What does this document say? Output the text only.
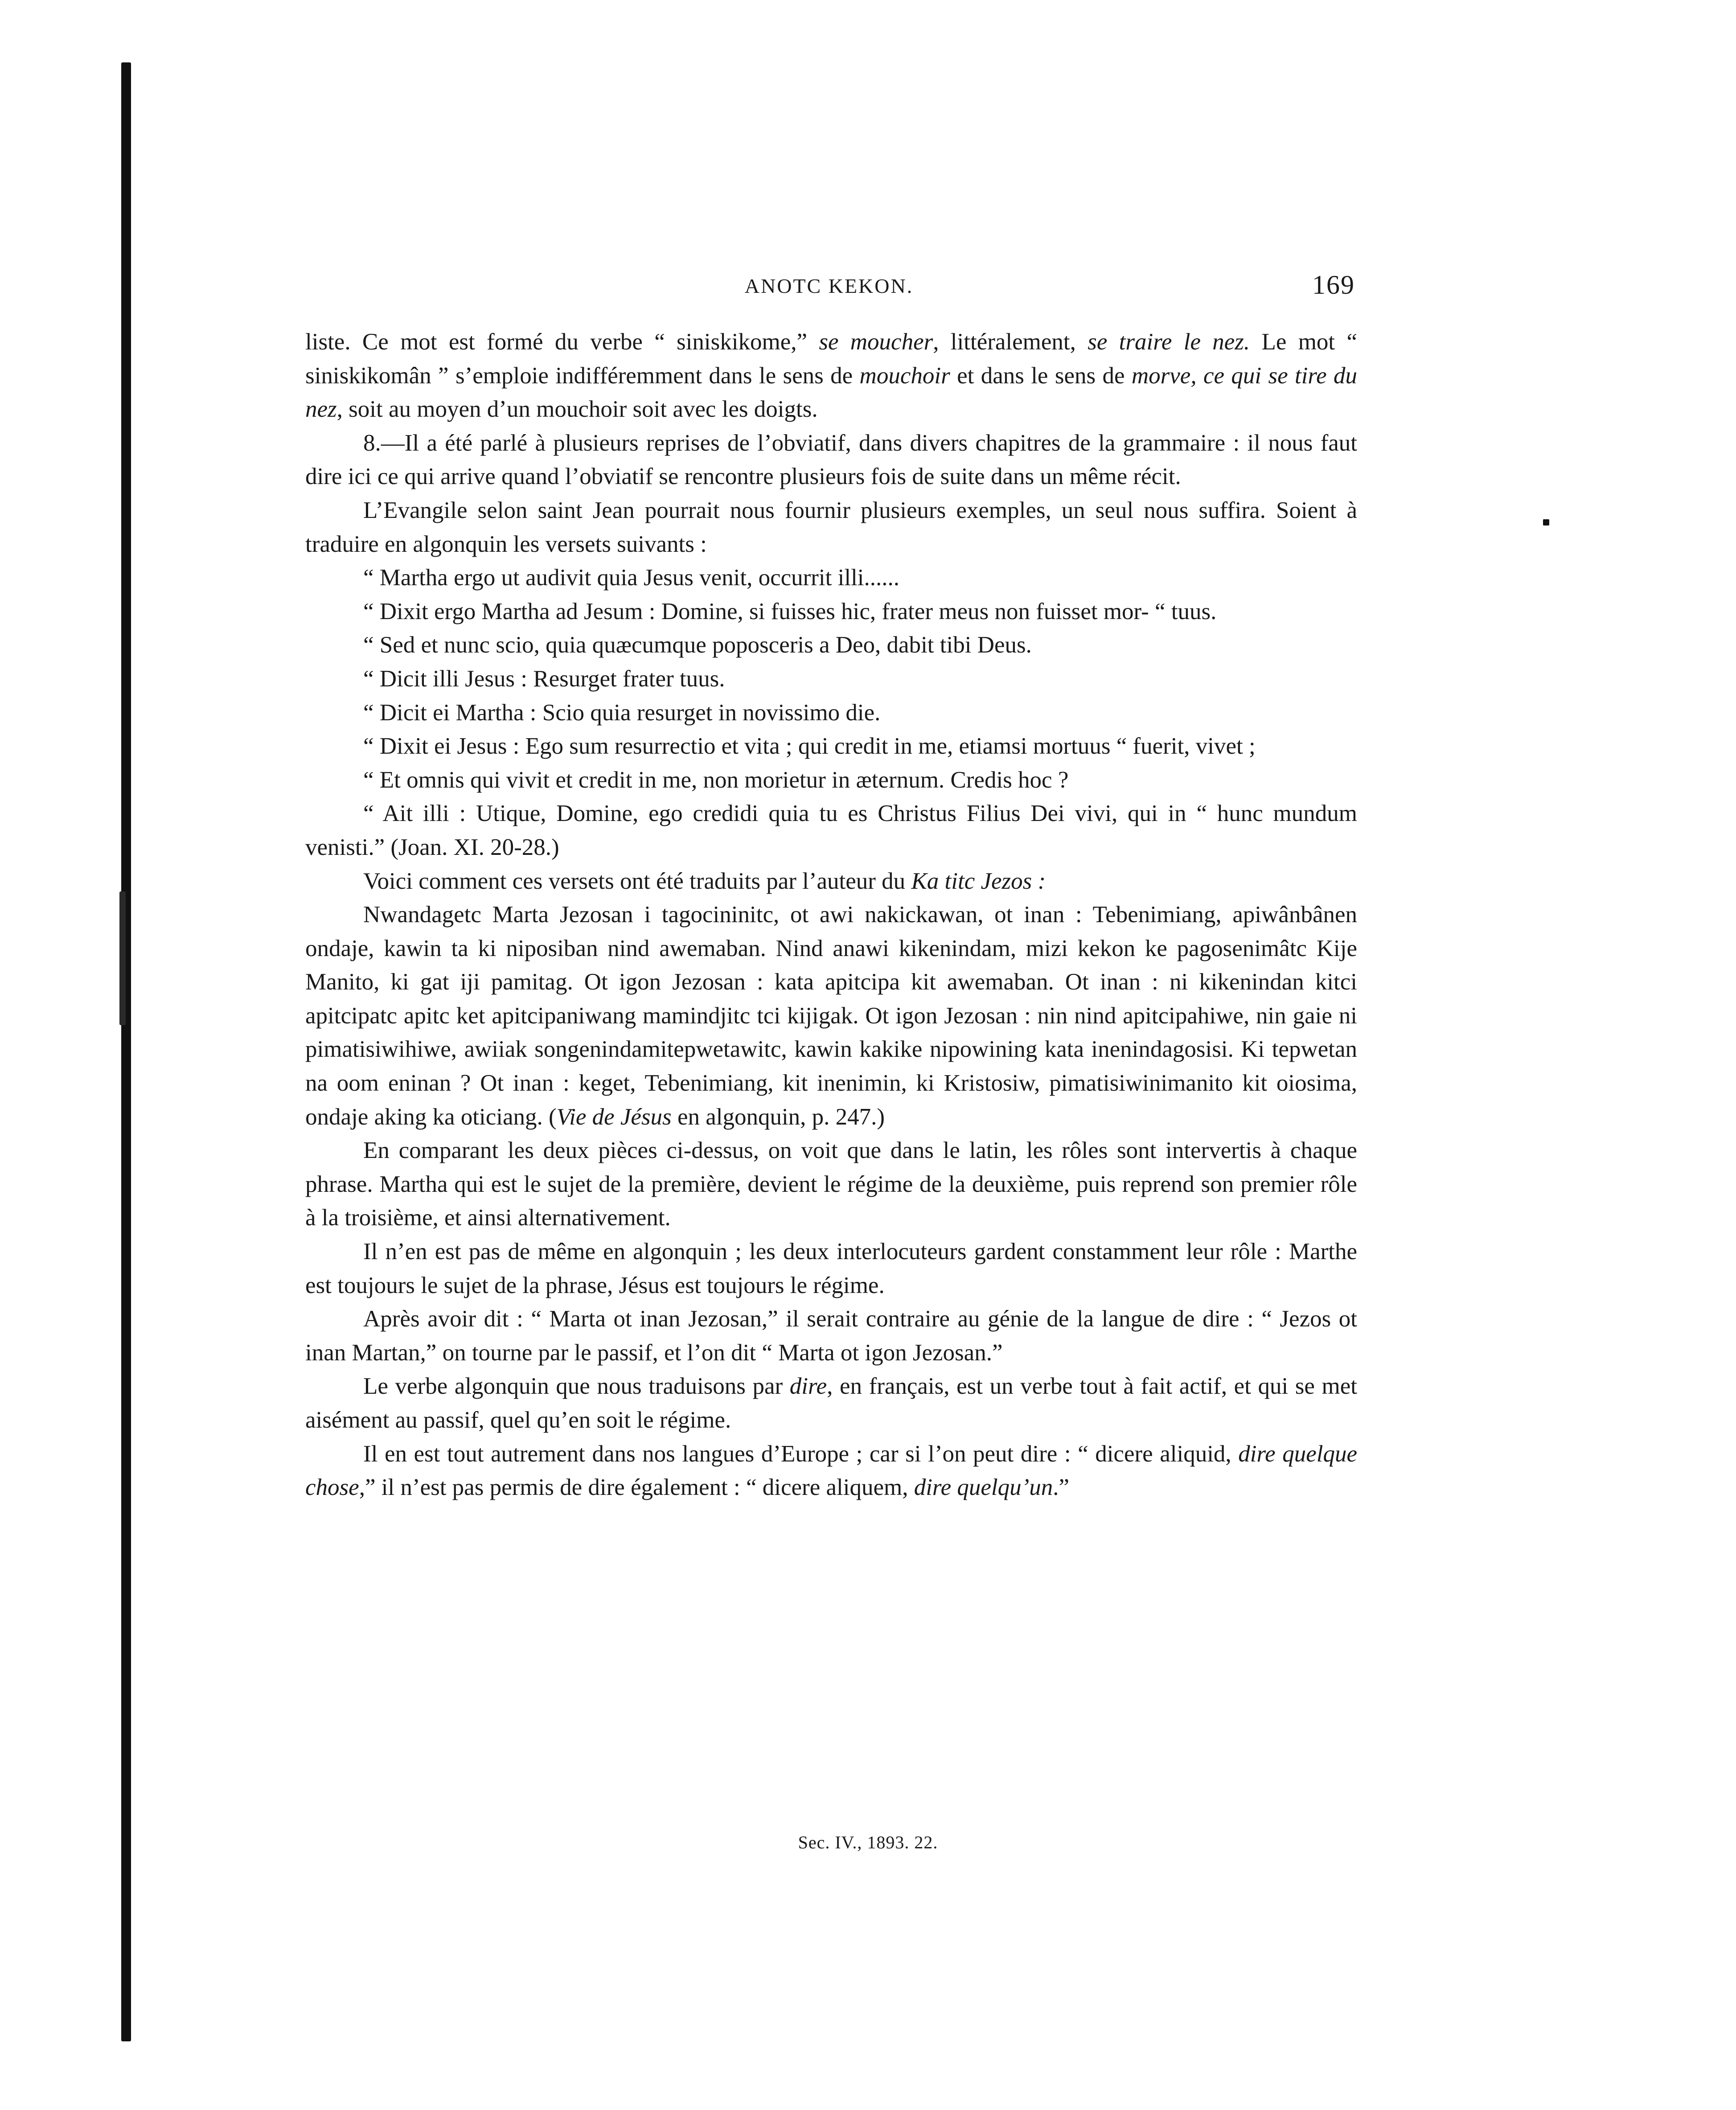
ANOTC KEKON.	169

liste. Ce mot est formé du verbe “ siniskikome,” se moucher, littéralement, se traire le nez. Le mot “ siniskikomân ” s’emploie indifféremment dans le sens de mouchoir et dans le sens de morve, ce qui se tire du nez, soit au moyen d’un mouchoir soit avec les doigts.

8.—Il a été parlé à plusieurs reprises de l’obviatif, dans divers chapitres de la grammaire : il nous faut dire ici ce qui arrive quand l’obviatif se rencontre plusieurs fois de suite dans un même récit.

L’Evangile selon saint Jean pourrait nous fournir plusieurs exemples, un seul nous suffira. Soient à traduire en algonquin les versets suivants :

“ Martha ergo ut audivit quia Jesus venit, occurrit illi......

“ Dixit ergo Martha ad Jesum : Domine, si fuisses hic, frater meus non fuisset mor- “ tuus.

“ Sed et nunc scio, quia quæcumque poposceris a Deo, dabit tibi Deus.

“ Dicit illi Jesus : Resurget frater tuus.

“ Dicit ei Martha : Scio quia resurget in novissimo die.

“ Dixit ei Jesus : Ego sum resurrectio et vita ; qui credit in me, etiamsi mortuus “ fuerit, vivet ;

“ Et omnis qui vivit et credit in me, non morietur in æternum. Credis hoc ?

“ Ait illi : Utique, Domine, ego credidi quia tu es Christus Filius Dei vivi, qui in “ hunc mundum venisti.” (Joan. XI. 20-28.)

Voici comment ces versets ont été traduits par l’auteur du Ka titc Jezos :

Nwandagetc Marta Jezosan i tagocininitc, ot awi nakickawan, ot inan : Tebenimiang, apiwânbânen ondaje, kawin ta ki niposiban nind awemaban. Nind anawi kikenindam, mizi kekon ke pagosenimâtc Kije Manito, ki gat iji pamitag. Ot igon Jezosan : kata apitcipa kit awemaban. Ot inan : ni kikenindan kitci apitcipatc apitc ket apitcipaniwang mamindjitc tci kijigak. Ot igon Jezosan : nin nind apitcipahiwe, nin gaie ni pimatisiwihiwe, awiiak songenindamitepwetawitc, kawin kakike nipowining kata inenindagosisi. Ki tepwetan na oom eninan ? Ot inan : keget, Tebenimiang, kit inenimin, ki Kristosiw, pimatisiwinimanito kit oiosima, ondaje aking ka oticiang. (Vie de Jésus en algonquin, p. 247.)

En comparant les deux pièces ci-dessus, on voit que dans le latin, les rôles sont intervertis à chaque phrase. Martha qui est le sujet de la première, devient le régime de la deuxième, puis reprend son premier rôle à la troisième, et ainsi alternativement.

Il n’en est pas de même en algonquin ; les deux interlocuteurs gardent constamment leur rôle : Marthe est toujours le sujet de la phrase, Jésus est toujours le régime.

Après avoir dit : “ Marta ot inan Jezosan,” il serait contraire au génie de la langue de dire : “ Jezos ot inan Martan,” on tourne par le passif, et l’on dit “ Marta ot igon Jezosan.”

Le verbe algonquin que nous traduisons par dire, en français, est un verbe tout à fait actif, et qui se met aisément au passif, quel qu’en soit le régime.

Il en est tout autrement dans nos langues d’Europe ; car si l’on peut dire : “ dicere aliquid, dire quelque chose,” il n’est pas permis de dire également : “ dicere aliquem, dire quelqu’un.”

Sec. IV., 1893. 22.
